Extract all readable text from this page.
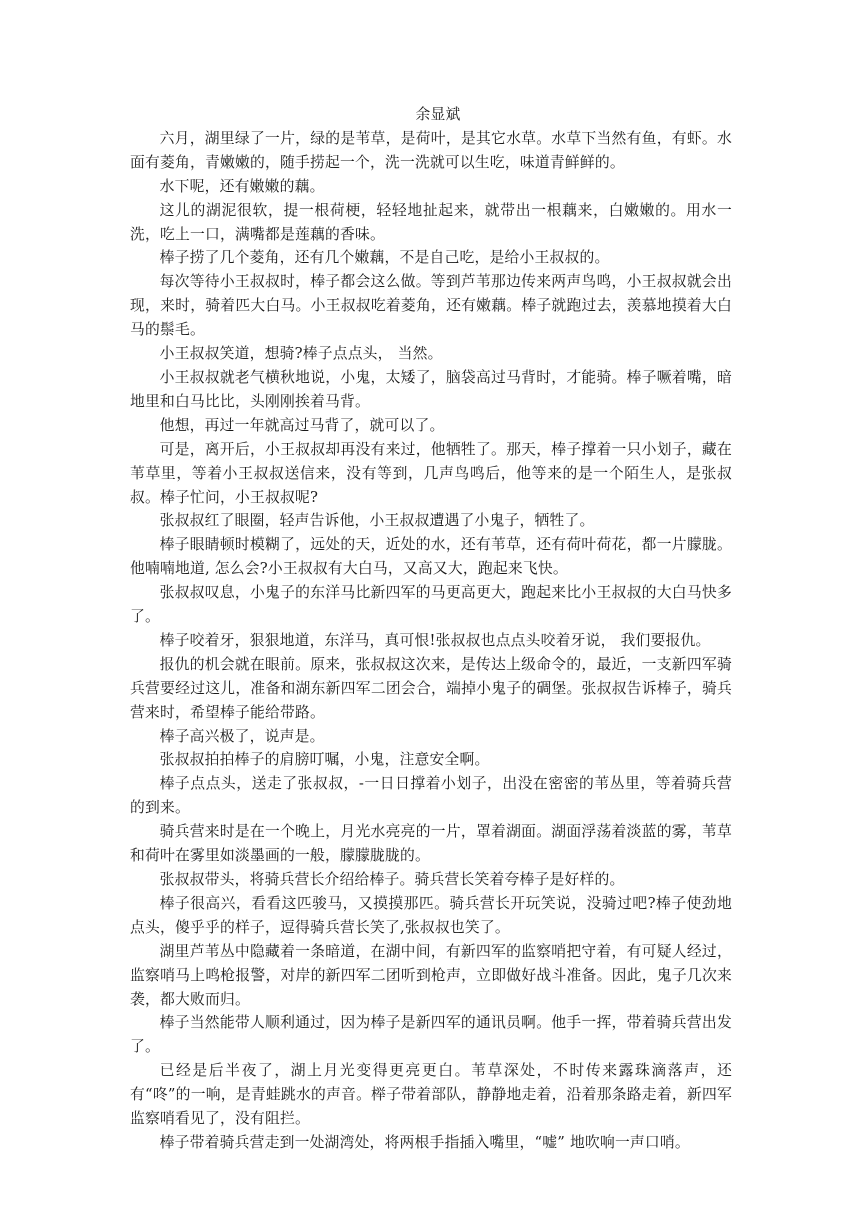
余显斌

六月，湖里绿了一片，绿的是苇草，是荷叶，是其它水草。水草下当然有鱼，有虾。水面有菱角，青嫩嫩的，随手捞起一个，洗一洗就可以生吃，味道青鲜鲜的。

水下呢，还有嫩嫩的藕。

这儿的湖泥很软，提一根荷梗，轻轻地扯起来，就带出一根藕来，白嫩嫩的。用水一洗，吃上一口，满嘴都是莲藕的香味。

棒子捞了几个菱角，还有几个嫩藕，不是自己吃，是给小王叔叔的。

每次等待小王叔叔时，棒子都会这么做。等到芦苇那边传来两声鸟鸣，小王叔叔就会出现，来时，骑着匹大白马。小王叔叔吃着菱角，还有嫩藕。棒子就跑过去，羡慕地摸着大白马的鬃毛。

小王叔叔笑道，想骑?棒子点点头， 当然。

小王叔叔就老气横秋地说，小鬼，太矮了，脑袋高过马背时，才能骑。棒子噘着嘴，暗地里和白马比比，头刚刚挨着马背。

他想，再过一年就高过马背了，就可以了。

可是，离开后，小王叔叔却再没有来过，他牺牲了。那天，棒子撑着一只小划子，藏在苇草里，等着小王叔叔送信来，没有等到，几声鸟鸣后，他等来的是一个陌生人，是张叔叔。棒子忙问，小王叔叔呢?

张叔叔红了眼圈，轻声告诉他，小王叔叔遭遇了小鬼子，牺牲了。

棒子眼睛顿时模糊了，远处的天，近处的水，还有苇草，还有荷叶荷花，都一片朦胧。他喃喃地道, 怎么会?小王叔叔有大白马，又高又大，跑起来飞快。

张叔叔叹息，小鬼子的东洋马比新四军的马更高更大，跑起来比小王叔叔的大白马快多了。

棒子咬着牙，狠狠地道，东洋马，真可恨!张叔叔也点点头咬着牙说， 我们要报仇。

报仇的机会就在眼前。原来，张叔叔这次来，是传达上级命令的，最近，一支新四军骑兵营要经过这儿，准备和湖东新四军二团会合，端掉小鬼子的碉堡。张叔叔告诉棒子，骑兵营来时，希望棒子能给带路。

棒子高兴极了，说声是。

张叔叔拍拍棒子的肩膀叮嘱，小鬼，注意安全啊。

棒子点点头，送走了张叔叔，-一日日撑着小划子，出没在密密的苇丛里，等着骑兵营的到来。

骑兵营来时是在一个晚上，月光水亮亮的一片，罩着湖面。湖面浮荡着淡蓝的雾，苇草和荷叶在雾里如淡墨画的一般，朦朦胧胧的。

张叔叔带头，将骑兵营长介绍给棒子。骑兵营长笑着夸棒子是好样的。

棒子很高兴，看看这匹骏马，又摸摸那匹。骑兵营长开玩笑说，没骑过吧?棒子使劲地点头，傻乎乎的样子，逗得骑兵营长笑了,张叔叔也笑了。

湖里芦苇丛中隐藏着一条暗道，在湖中间，有新四军的监察哨把守着，有可疑人经过，监察哨马上鸣枪报警，对岸的新四军二团听到枪声，立即做好战斗准备。因此，鬼子几次来袭，都大败而归。

棒子当然能带人顺利通过，因为棒子是新四军的通讯员啊。他手一挥，带着骑兵营出发了。

已经是后半夜了，湖上月光变得更亮更白。苇草深处，不时传来露珠滴落声，还有“咚”的一响，是青蛙跳水的声音。榉子带着部队，静静地走着，沿着那条路走着，新四军监察哨看见了，没有阻拦。

棒子带着骑兵营走到一处湖湾处，将两根手指插入嘴里，“嘘” 地吹响一声口哨。
